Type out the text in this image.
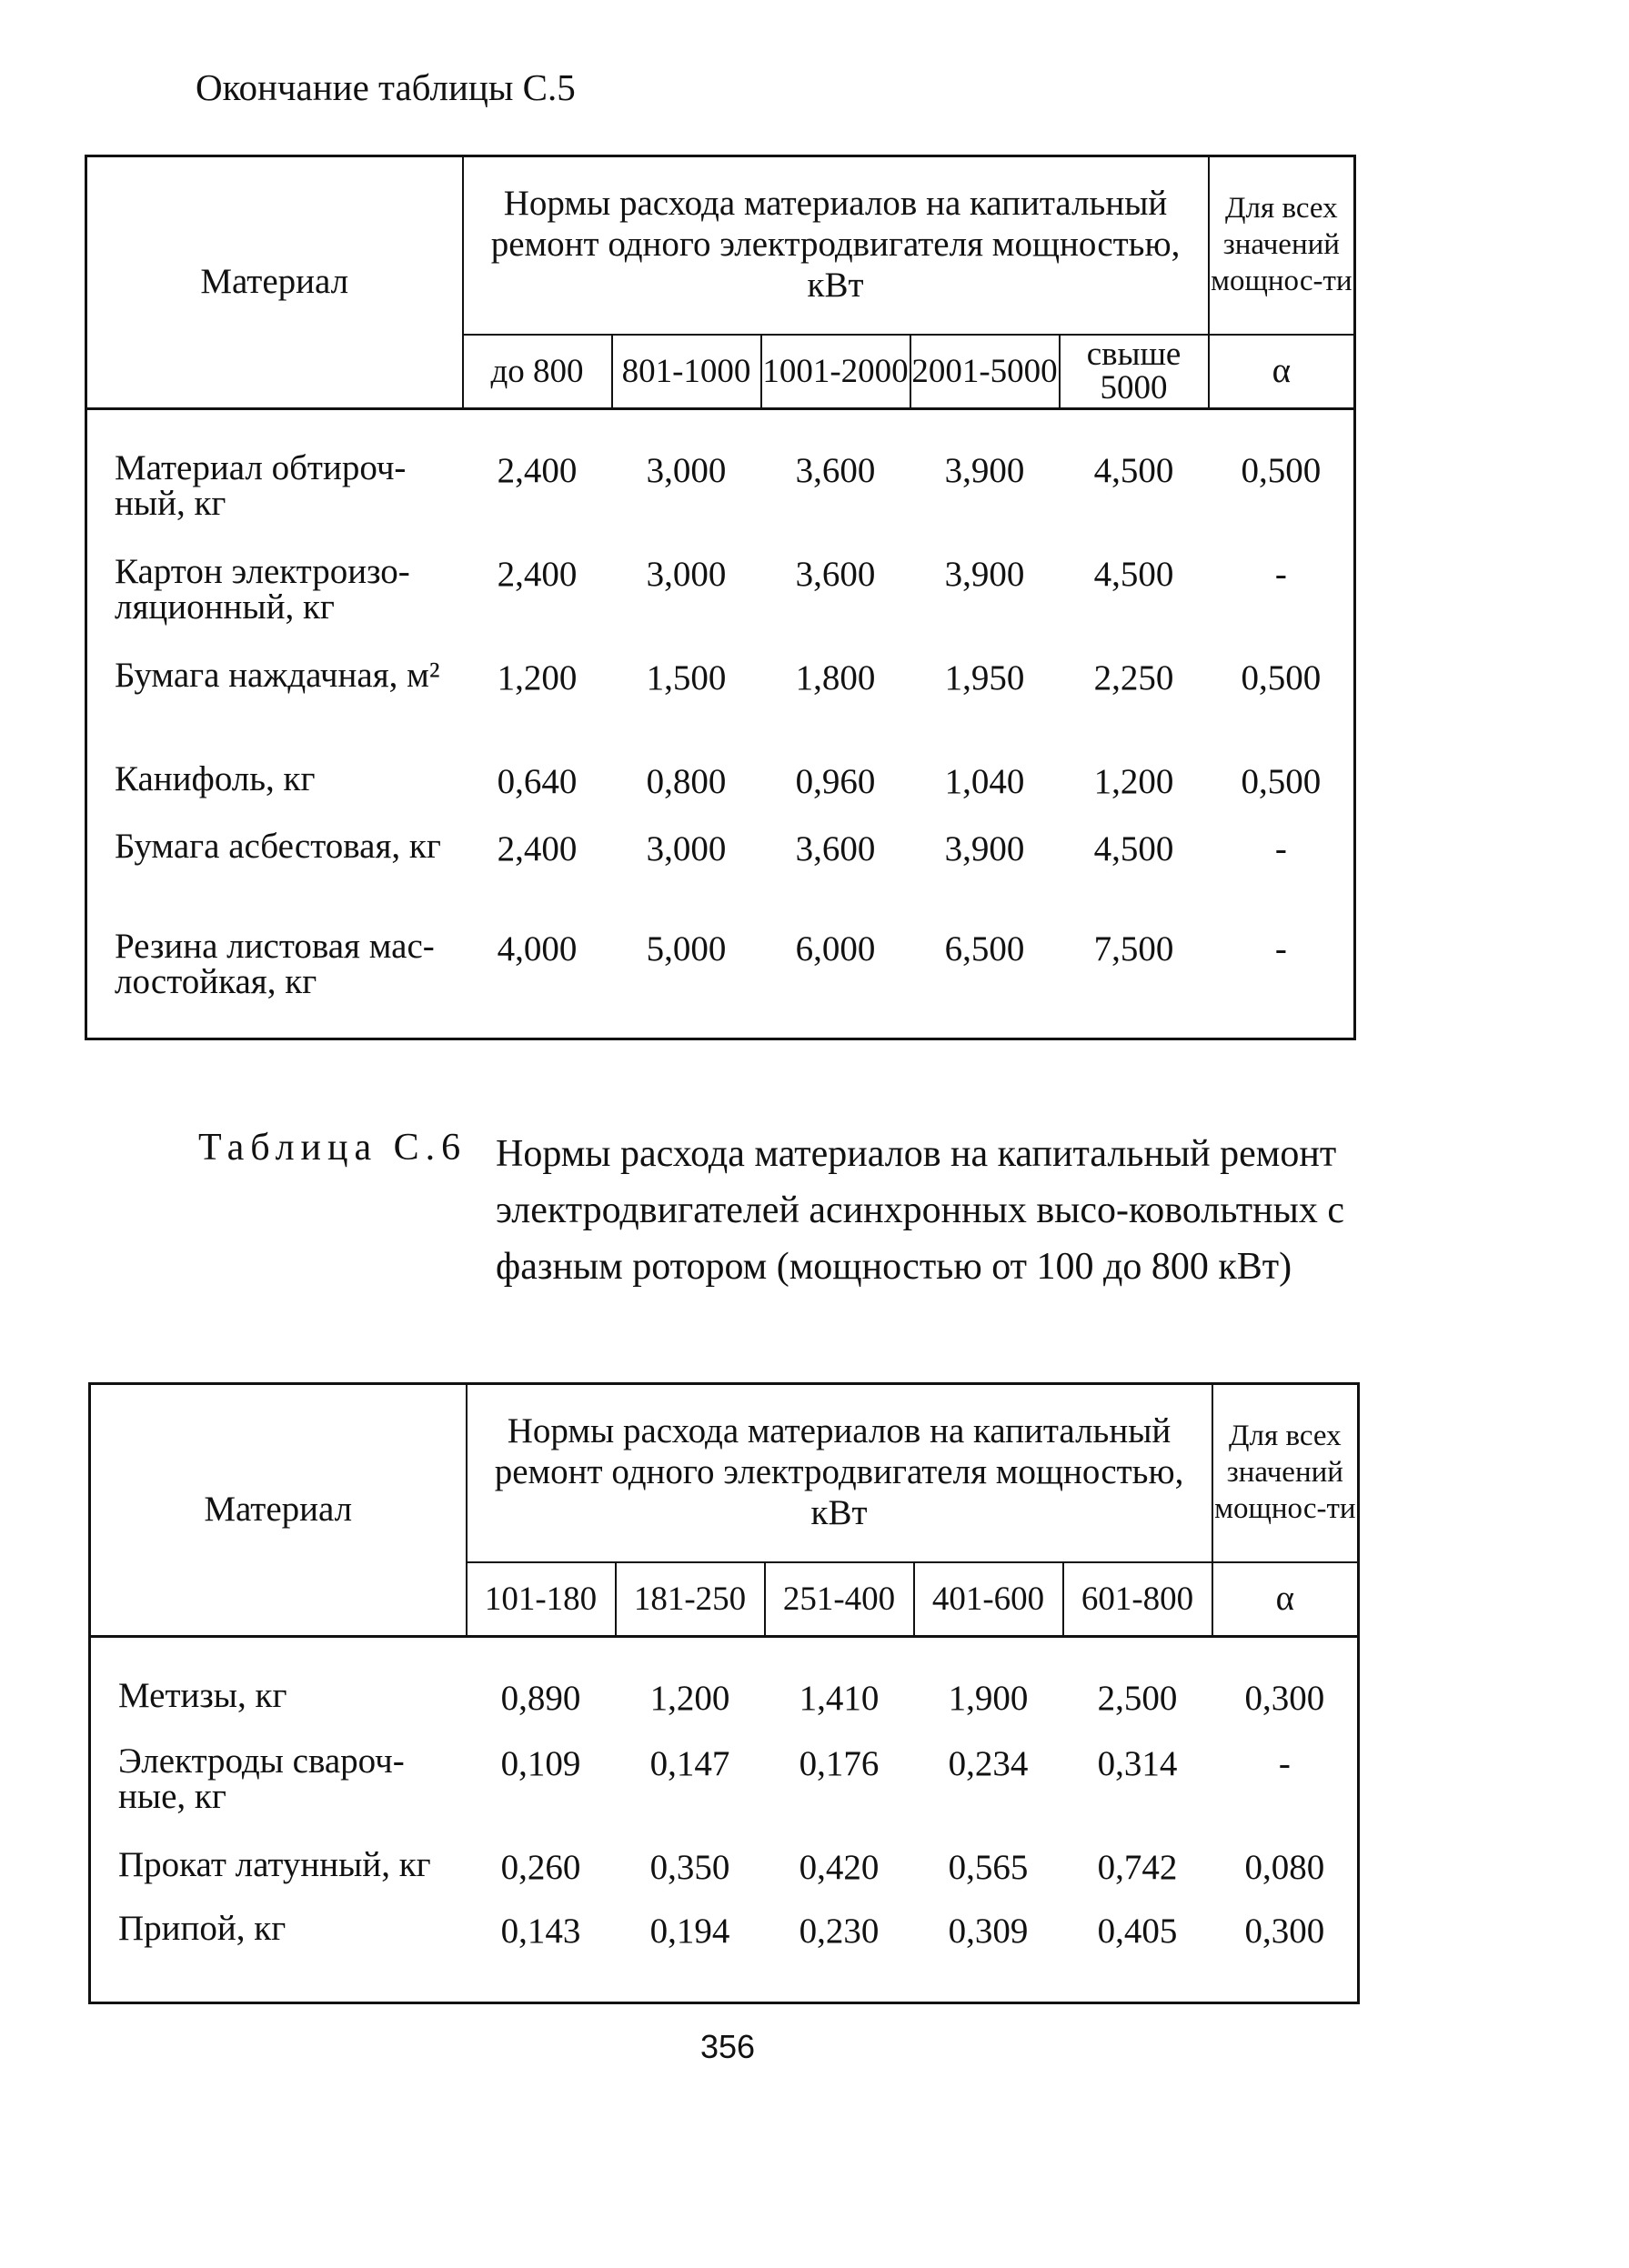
Окончание таблицы С.5
Материал	Нормы расхода материалов на капитальный ремонт одного электродвигателя мощностью, кВт					Для всех значений мощнос-ти
	до 800	801-1000	1001-2000	2001-5000	свыше 5000	α

Материал обтироч-ный, кг	2,400	3,000	3,600	3,900	4,500	0,500
Картон электроизо-ляционный, кг	2,400	3,000	3,600	3,900	4,500	-
Бумага наждачная, м²	1,200	1,500	1,800	1,950	2,250	0,500
Канифоль, кг	0,640	0,800	0,960	1,040	1,200	0,500
Бумага асбестовая, кг	2,400	3,000	3,600	3,900	4,500	-
Резина листовая мас-лостойкая, кг	4,000	5,000	6,000	6,500	7,500	-

Таблица С.6 Нормы расхода материалов на капитальный ремонт электродвигателей асинхронных высо-ковольтных с фазным ротором (мощностью от 100 до 800 кВт)
Материал	Нормы расхода материалов на капитальный ремонт одного электродвигателя мощностью, кВт					Для всех значений мощнос-ти
	101-180	181-250	251-400	401-600	601-800	α

Метизы, кг	0,890	1,200	1,410	1,900	2,500	0,300
Электроды свароч-ные, кг	0,109	0,147	0,176	0,234	0,314	-
Прокат латунный, кг	0,260	0,350	0,420	0,565	0,742	0,080
Припой, кг	0,143	0,194	0,230	0,309	0,405	0,300

356
